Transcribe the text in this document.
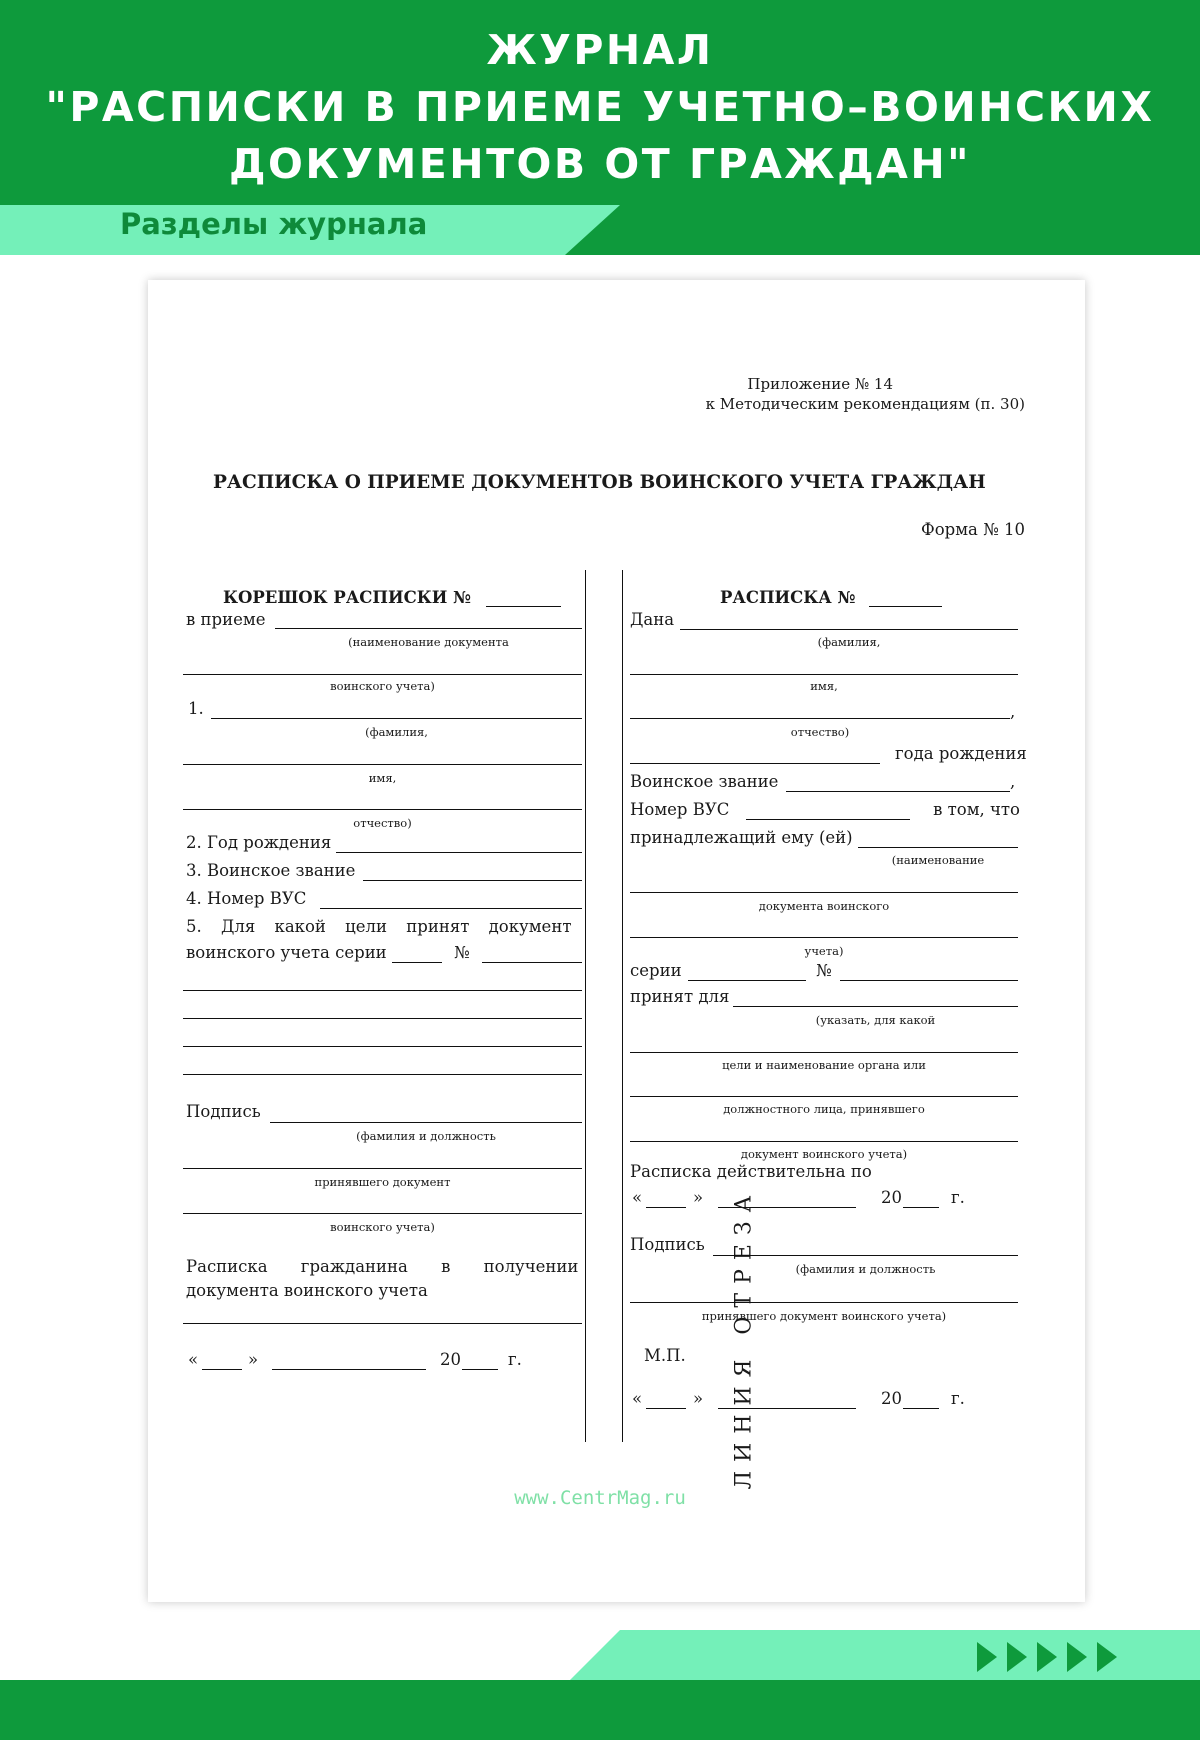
ЖУРНАЛ
"РАСПИСКИ В ПРИЕМЕ УЧЕТНО–ВОИНСКИХ
ДОКУМЕНТОВ ОТ ГРАЖДАН"
Разделы журнала
Приложение № 14
к Методическим рекомендациям (п. 30)
РАСПИСКА О ПРИЕМЕ ДОКУМЕНТОВ ВОИНСКОГО УЧЕТА ГРАЖДАН
Форма № 10
ЛИНИЯ ОТРЕЗА
КОРЕШОК РАСПИСКИ №
в приеме
(наименование документа
воинского учета)
1.
(фамилия,
имя,
отчество)
2. Год рождения
3. Воинское звание
4. Номер ВУС
5. Для какой цели принят документ
воинского учета серии	№
Подпись
(фамилия и должность
принявшего документ
воинского учета)
Расписка гражданина в получении
документа воинского учета
«	»	20	г.
РАСПИСКА №
Дана
(фамилия,
имя,
,
отчество)
года рождения
Воинское звание	,
Номер ВУС	в том, что
принадлежащий ему (ей)
(наименование
документа воинского
учета)
серии	№
принят для
(указать, для какой
цели и наименование органа или
должностного лица, принявшего
документ воинского учета)
Расписка действительна по
«	»	20	г.
Подпись
(фамилия и должность
принявшего документ воинского учета)
М.П.
«	»	20	г.
www.CentrMag.ru
